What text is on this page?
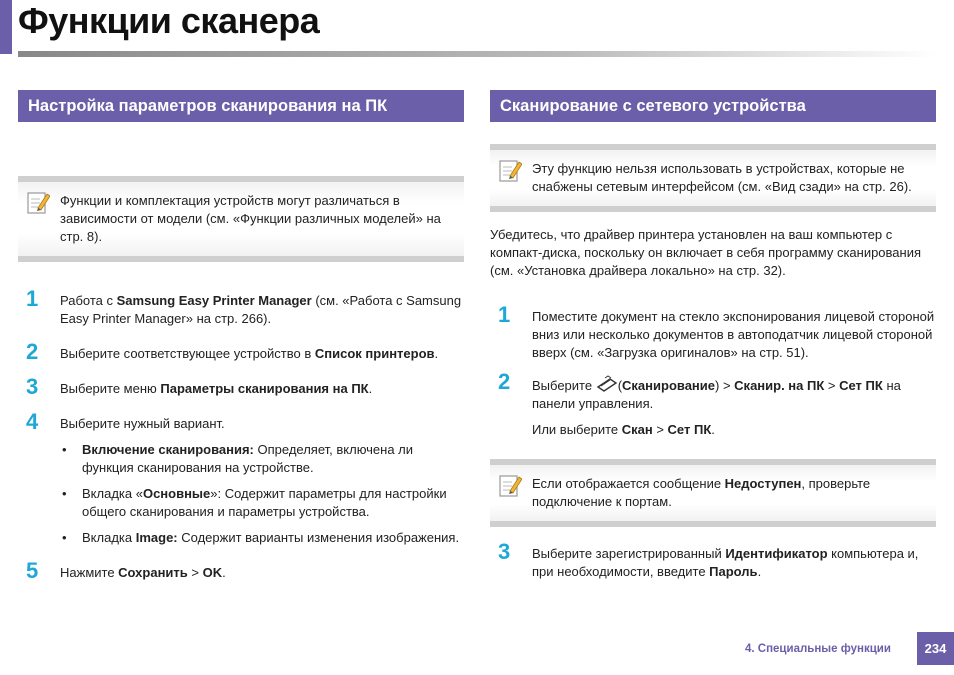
Функции сканера
Настройка параметров сканирования на ПК

Функции и комплектация устройств могут различаться в зависимости от модели (см. «Функции различных моделей» на стр. 8).

1 Работа с Samsung Easy Printer Manager (см. «Работа с Samsung Easy Printer Manager» на стр. 266).

2 Выберите соответствующее устройство в Список принтеров.

3 Выберите меню Параметры сканирования на ПК.

4 Выберите нужный вариант.

• Включение сканирования: Определяет, включена ли функция сканирования на устройстве.
• Вкладка «Основные»: Содержит параметры для настройки общего сканирования и параметры устройства.
• Вкладка Image: Содержит варианты изменения изображения.
5 Нажмите Сохранить > OK.

Сканирование с сетевого устройства

Эту функцию нельзя использовать в устройствах, которые не снабжены сетевым интерфейсом (см. «Вид сзади» на стр. 26).

Убедитесь, что драйвер принтера установлен на ваш компьютер с компакт-диска, поскольку он включает в себя программу сканирования (см. «Установка драйвера локально» на стр. 32).

1 Поместите документ на стекло экспонирования лицевой стороной вниз или несколько документов в автоподатчик лицевой стороной вверх (см. «Загрузка оригиналов» на стр. 51).

2 Выберите (Сканирование) > Сканир. на ПК > Сет ПК на панели управления.

Или выберите Скан > Сет ПК.

Если отображается сообщение Недоступен, проверьте подключение к портам.

3 Выберите зарегистрированный Идентификатор компьютера и, при необходимости, введите Пароль.

4. Специальные функции	234
